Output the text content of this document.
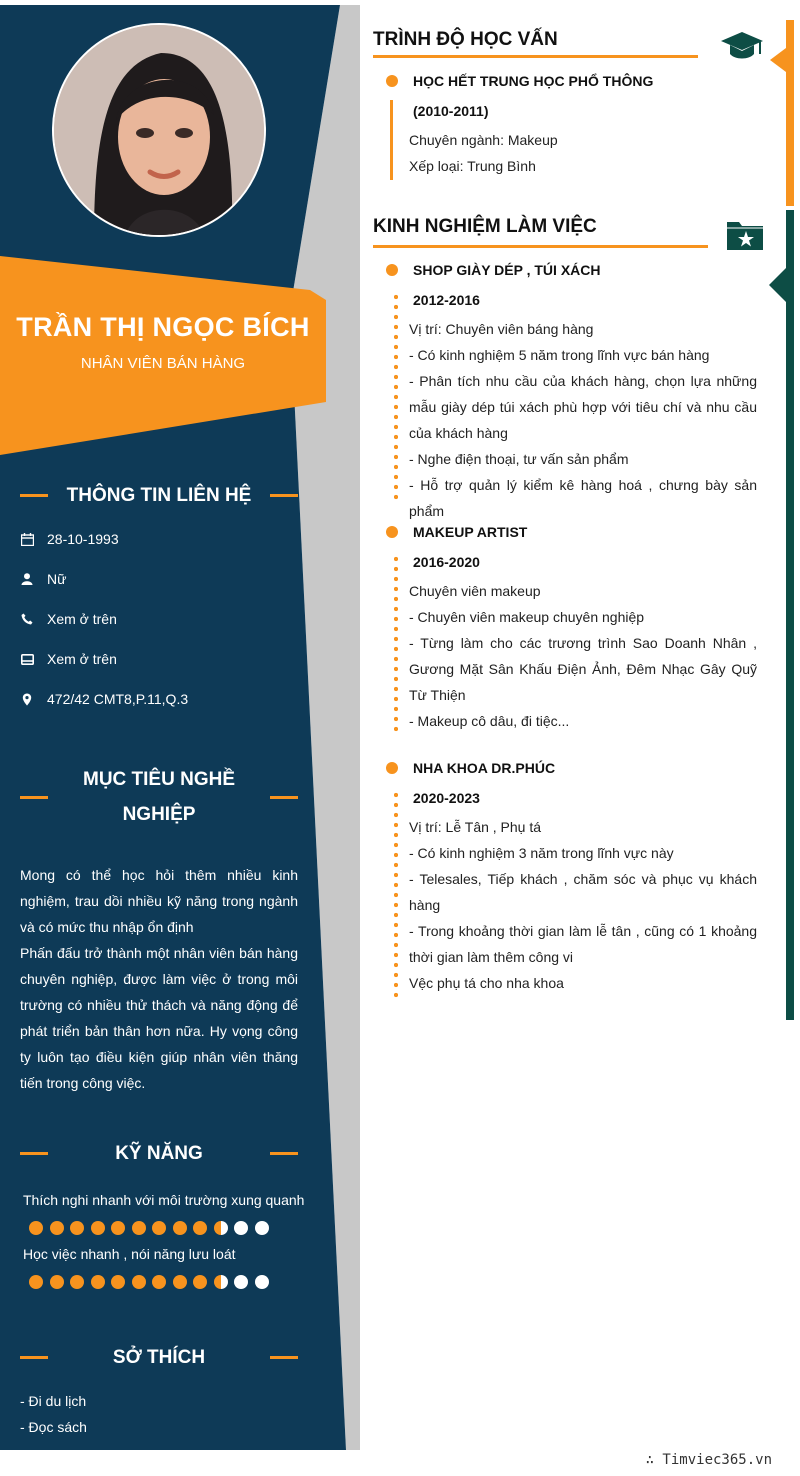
TRẦN THỊ NGỌC BÍCH
NHÂN VIÊN BÁN HÀNG
THÔNG TIN LIÊN HỆ
28-10-1993
Nữ
Xem ở trên
Xem ở trên
472/42 CMT8,P.11,Q.3
MỤC TIÊU NGHỀ
NGHIỆP

Mong có thể học hỏi thêm nhiều kinh nghiệm, trau dồi nhiều kỹ năng trong ngành và có mức thu nhập ổn định

Phấn đấu trở thành một nhân viên bán hàng chuyên nghiệp, được làm việc ở trong môi trường có nhiều thử thách và năng động để phát triển bản thân hơn nữa. Hy vọng công ty luôn tạo điều kiện giúp nhân viên thăng tiến trong công việc.

KỸ NĂNG
Thích nghi nhanh với môi trường xung quanh
Học việc nhanh , nói năng lưu loát
SỞ THÍCH
- Đi du lịch
- Đọc sách
TRÌNH ĐỘ HỌC VẤN
HỌC HẾT TRUNG HỌC PHỔ THÔNG
(2010-2011)
Chuyên ngành: Makeup
Xếp loại: Trung Bình
KINH NGHIỆM LÀM VIỆC
SHOP GIÀY DÉP , TÚI XÁCH
2012-2016
Vị trí: Chuyên viên báng hàng
- Có kinh nghiệm 5 năm trong lĩnh vực bán hàng
- Phân tích nhu cầu của khách hàng, chọn lựa những mẫu giày dép túi xách phù hợp với tiêu chí và nhu cầu của khách hàng
- Nghe điện thoại, tư vấn sản phẩm
- Hỗ trợ quản lý kiểm kê hàng hoá , chưng bày sản phẩm
MAKEUP ARTIST
2016-2020
Chuyên viên makeup
- Chuyên viên makeup chuyên nghiệp
- Từng làm cho các trương trình Sao Doanh Nhân , Gương Mặt Sân Khấu Điện Ảnh, Đêm Nhạc Gây Quỹ Từ Thiện
- Makeup cô dâu, đi tiệc...
NHA KHOA DR.PHÚC
2020-2023
Vị trí: Lễ Tân , Phụ tá
- Có kinh nghiệm 3 năm trong lĩnh vực này
- Telesales, Tiếp khách , chăm sóc và phục vụ khách hàng
- Trong khoảng thời gian làm lễ tân , cũng có 1 khoảng thời gian làm thêm công vi
Vệc phụ tá cho nha khoa
∴ Timviec365.vn
